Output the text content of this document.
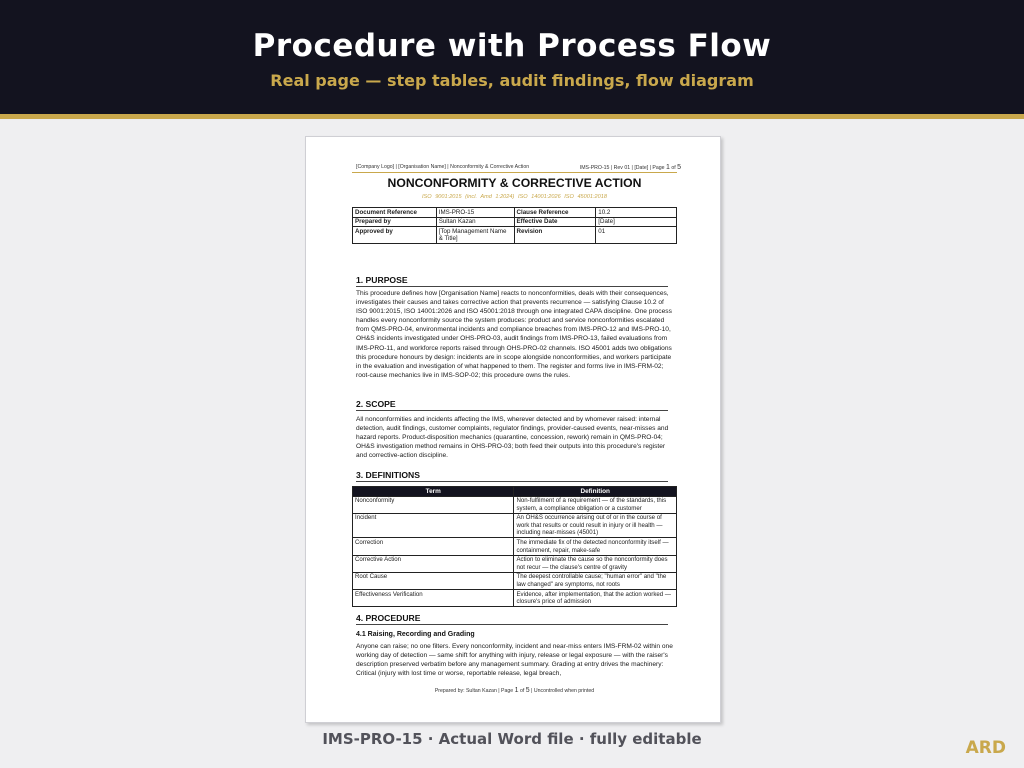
Procedure with Process Flow
Real page — step tables, audit findings, flow diagram
[Company Logo] | [Organisation Name] | Nonconformity & Corrective Action	IMS-PRO-15 | Rev 01 | [Date] | Page 1 of 5
NONCONFORMITY & CORRECTIVE ACTION
ISO 9001:2015 (incl. Amd 1:2024) ISO 14001:2026 ISO 45001:2018
Document Reference	IMS-PRO-15	Clause Reference	10.2
Prepared by	Sultan Kazan	Effective Date	[Date]
Approved by	[Top Management Name & Title]	Revision	01
1. PURPOSE
This procedure defines how [Organisation Name] reacts to nonconformities, deals with their consequences, investigates their causes and takes corrective action that prevents recurrence — satisfying Clause 10.2 of ISO 9001:2015, ISO 14001:2026 and ISO 45001:2018 through one integrated CAPA discipline. One process handles every nonconformity source the system produces: product and service nonconformities escalated from QMS-PRO-04, environmental incidents and compliance breaches from IMS-PRO-12 and IMS-PRO-10, OH&S incidents investigated under OHS-PRO-03, audit findings from IMS-PRO-13, failed evaluations from IMS-PRO-11, and workforce reports raised through OHS-PRO-02 channels. ISO 45001 adds two obligations this procedure honours by design: incidents are in scope alongside nonconformities, and workers participate in the evaluation and investigation of what happened to them. The register and forms live in IMS-FRM-02; root-cause mechanics live in IMS-SOP-02; this procedure owns the rules.
2. SCOPE
All nonconformities and incidents affecting the IMS, wherever detected and by whomever raised: internal detection, audit findings, customer complaints, regulator findings, provider-caused events, near-misses and hazard reports. Product-disposition mechanics (quarantine, concession, rework) remain in QMS-PRO-04; OH&S investigation method remains in OHS-PRO-03; both feed their outputs into this procedure's register and corrective-action discipline.
3. DEFINITIONS
Term	Definition
Nonconformity	Non-fulfilment of a requirement — of the standards, this system, a compliance obligation or a customer
Incident	An OH&S occurrence arising out of or in the course of work that results or could result in injury or ill health — including near-misses (45001)
Correction	The immediate fix of the detected nonconformity itself — containment, repair, make-safe
Corrective Action	Action to eliminate the cause so the nonconformity does not recur — the clause's centre of gravity
Root Cause	The deepest controllable cause; "human error" and "the law changed" are symptoms, not roots
Effectiveness Verification	Evidence, after implementation, that the action worked — closure's price of admission
4. PROCEDURE
4.1 Raising, Recording and Grading
Anyone can raise; no one filters. Every nonconformity, incident and near-miss enters IMS-FRM-02 within one working day of detection — same shift for anything with injury, release or legal exposure — with the raiser's description preserved verbatim before any management summary. Grading at entry drives the machinery: Critical (injury with lost time or worse, reportable release, legal breach,
Prepared by: Sultan Kazan | Page 1 of 5 | Uncontrolled when printed
IMS-PRO-15 · Actual Word file · fully editable	ARD
